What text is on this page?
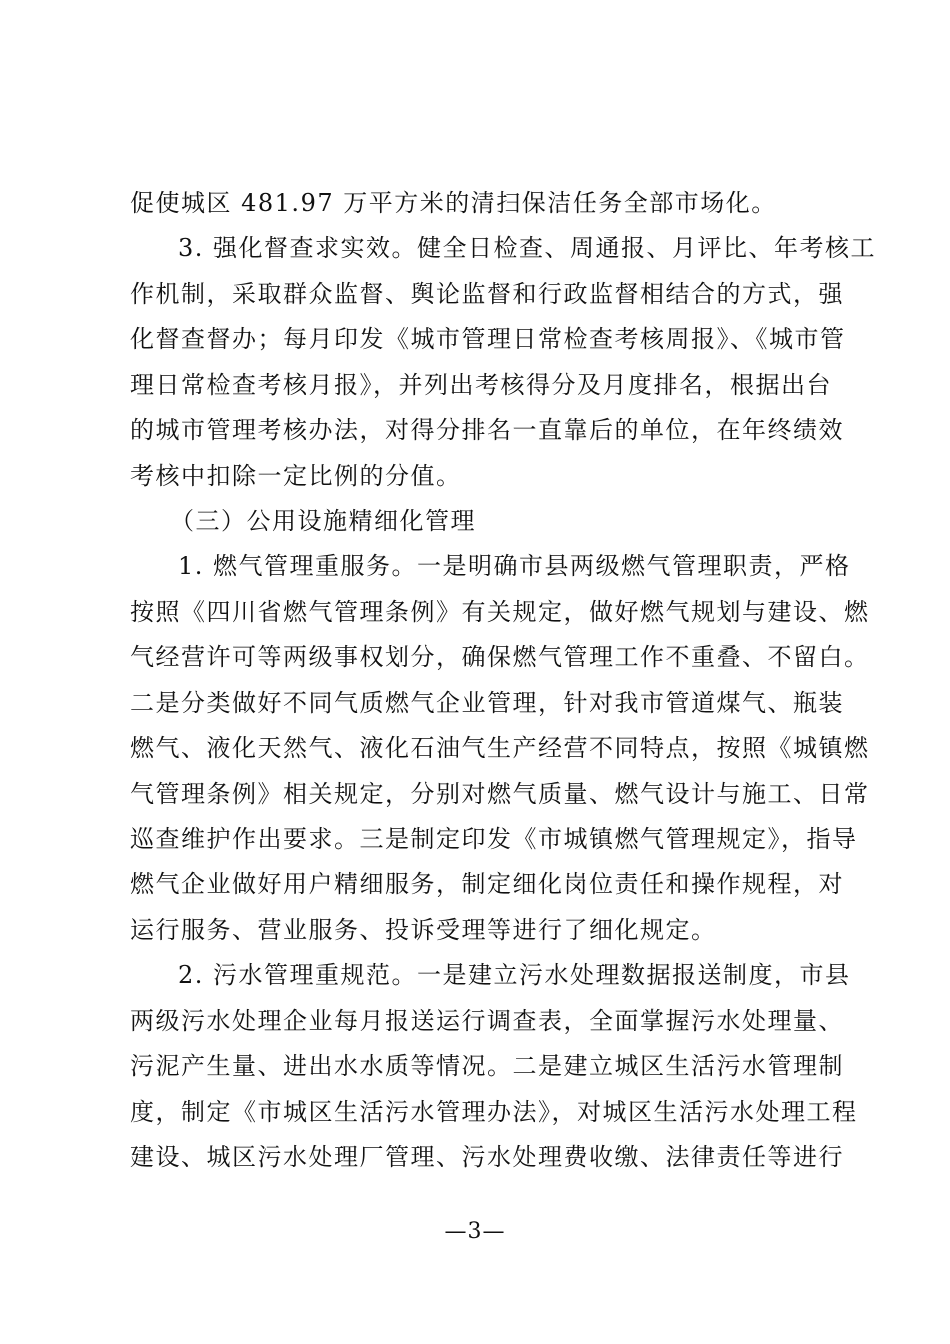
促使城区 481.97 万平方米的清扫保洁任务全部市场化。
3. 强化督查求实效。健全日检查、周通报、月评比、年考核工
作机制，采取群众监督、舆论监督和行政监督相结合的方式，强
化督查督办；每月印发《城市管理日常检查考核周报》、《城市管
理日常检查考核月报》，并列出考核得分及月度排名，根据出台
的城市管理考核办法，对得分排名一直靠后的单位，在年终绩效
考核中扣除一定比例的分值。
（三）公用设施精细化管理
1. 燃气管理重服务。一是明确市县两级燃气管理职责，严格
按照《四川省燃气管理条例》有关规定，做好燃气规划与建设、燃
气经营许可等两级事权划分，确保燃气管理工作不重叠、不留白。
二是分类做好不同气质燃气企业管理，针对我市管道煤气、瓶装
燃气、液化天然气、液化石油气生产经营不同特点，按照《城镇燃
气管理条例》相关规定，分别对燃气质量、燃气设计与施工、日常
巡查维护作出要求。三是制定印发《市城镇燃气管理规定》，指导
燃气企业做好用户精细服务，制定细化岗位责任和操作规程，对
运行服务、营业服务、投诉受理等进行了细化规定。
2. 污水管理重规范。一是建立污水处理数据报送制度，市县
两级污水处理企业每月报送运行调查表，全面掌握污水处理量、
污泥产生量、进出水水质等情况。二是建立城区生活污水管理制
度，制定《市城区生活污水管理办法》，对城区生活污水处理工程
建设、城区污水处理厂管理、污水处理费收缴、法律责任等进行
—3—
